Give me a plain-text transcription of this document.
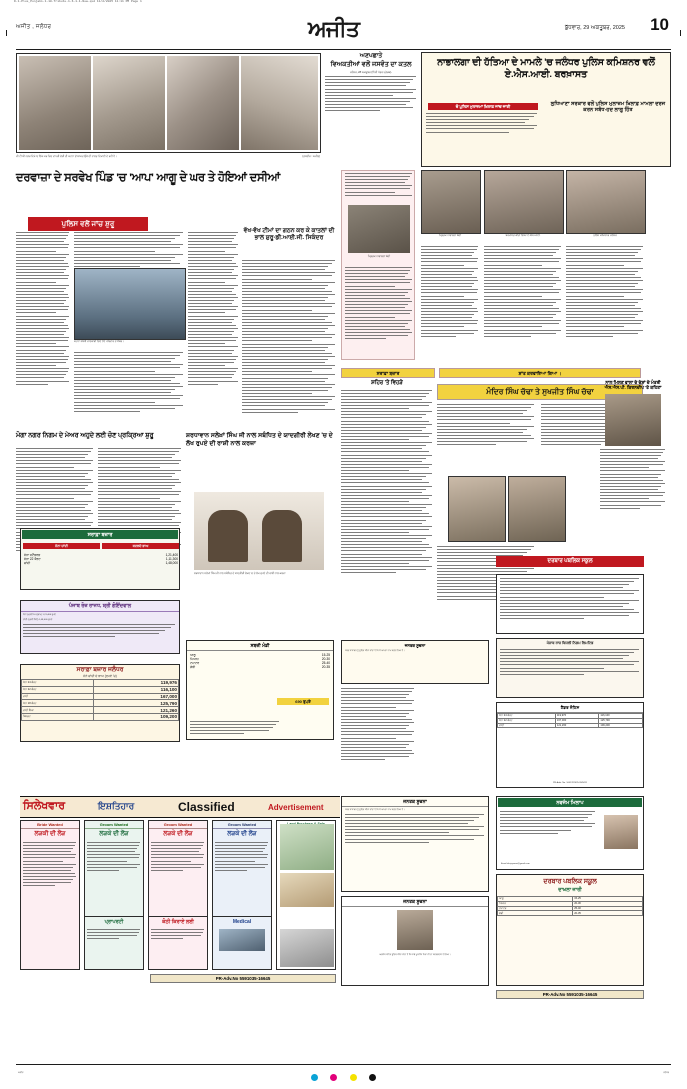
D-1-Plus_Punjabi-1-10-Tribute-1-6-1-1-New.qxd 11/2/2025 11:11 PM Page 1
ਅਜੀਤ , ਜਲੰਧਰ	ਅਜੀਤ	ਬੁੱਧਵਾਰ, 29 ਅਕਤੂਬਰ, 2025 10
ਜੀ ਟੀ ਬੀ ਨਗਰ ਵਿਖੇ 'ਚ ਇੱਕ ਘਰ ਵਿਚ ਵਾਪਰੀ ਚੋਰੀ ਦੀ ਘਟਨਾ ਤੋਂ ਬਾਅਦ ਉਥੇ ਦੀ ਹਾਲਤ ਦਿਖਾਈ ਦੇ ਰਹੀ ਹੈ।	(ਤਸਵੀਰ : ਅਜੀਤ)
ਅਣਪਛਾਤੇ
ਵਿਅਕਤੀਆਂ ਵਲੋਂ ਜਸਵੰਤ ਦਾ ਕਤਲ
ਜਲੰਧਰ, 28 ਅਕਤੂਬਰ (ਨਿੱਜੀ ਪੱਤਰ ਪ੍ਰੇਰਕ)-
ਨਾਭਾਲਗਾ ਦੀ ਹੱਤਿਆ ਦੇ ਮਾਮਲੇ 'ਚ ਜਲੰਧਰ ਪੁਲਿਸ ਕਮਿਸ਼ਨਰ ਵਲੋਂ ਏ.ਐਸ.ਆਈ. ਬਰਖ਼ਾਸਤ
ਦੋ ਪੁਲਿਸ ਮੁਲਾਜ਼ਮਾਂ ਖ਼ਿਲਾਫ਼ ਜਾਂਚ ਜਾਰੀ	ਲੁਧਿਆਣਾ ਸਰਕਾਰ ਵਲੋਂ ਪੁਲਿਸ ਮੁਲਾਜ਼ਮ ਖ਼ਿਲਾਫ਼ ਮਾਮਲਾ ਦਰਜ ਕਰਨ ਸਬੰਧ-ਹਦ ਲਾਗੂ ਹਿੱਤ
ਦਰਵਾਜ਼ਾ ਦੇ ਸਰਵੇਖ ਪਿੰਡ 'ਚ 'ਆਪ' ਆਗੂ ਦੇ ਘਰ ਤੇ ਹੋਇਆਂ ਦਸੀਆਂ
ਪੁਲਿਸ ਵਲੋਂ ਜਾਂਚ ਸ਼ੁਰੂ
ਘਟਨਾ ਸਬੰਧੀ ਜਾਣਕਾਰੀ ਦਿੰਦੇ ਹੋਏ ਪਰਿਵਾਰ ਦੇ ਮੈਂਬਰ।
ਵੱਖ-ਵੱਖ ਟੀਮਾਂ ਦਾ ਗਠਨ ਕਰ ਕੇ ਕਾਤਲਾਂ ਦੀ ਭਾਲ ਸ਼ੁਰੂ-ਡੀ.ਆਈ.ਜੀ. ਸਿਕੰਦਰ
ਮ੍ਰਿਤਕ ਨਾਭਾਲਗਾ ਬੱਚੀ
ਮ੍ਰਿਤਕ ਨਾਭਾਲਗਾ ਬੱਚੀ	ਬਰਖ਼ਾਸਤ ਕੀਤਾ ਗਿਆ ਏ.ਐਸ.ਆਈ.	ਪੁਲਿਸ ਕਮਿਸ਼ਨਰ ਜਲੰਧਰ
ਸਰਾਫ਼ਾ ਬਜ਼ਾਰ	ਸ਼ਾਂਤ ਕਰਵਾਇਆ ਗਿਆ ।
ਮੋਗਾ ਨਗਰ ਨਿਗਮ ਦੇ ਮੇਅਰ ਅਹੁਦੇ ਲਈ ਚੋਣ ਪ੍ਰਕ੍ਰਿਆ ਸ਼ੁਰੂ	ਸ਼ਰਧਾਵਾਨ ਸਲੇਖ਼ਾਂ ਸਿੰਘ ਜੀ ਨਾਲ ਸਬੰਧਿਤ ਦੇ ਯਾਦਗੀਰੀ ਲੇਖਣ 'ਚ ਦੇ ਲੱਖ ਰੁਪਏ ਦੀ ਰਾਸ਼ੀ ਨਾਲ ਕਰਜ਼ਾ
ਸ਼ਰਧਾਵਾਨ ਸਲੇਖ਼ਾਂ ਸਿੰਘ ਜੀ ਨਾਲ ਸਬੰਧਿਤ ਦੇ ਯਾਦਗੀਰੀ ਲੇਖਣ 'ਚ ਦੇ ਲੱਖ ਰੁਪਏ ਦੀ ਰਾਸ਼ੀ ਨਾਲ ਕਰਜ਼ਾ
ਸਰਾਫ਼ਾ ਬਜ਼ਾਰ
ਸੋਨਾ ਚਾਂਦੀ	ਬਦਲਦੇ ਭਾਅ
ਸੋਨਾ ਸਟੈਂਡਰਡ	1,21,400
ਸੋਨਾ 22 ਕੈਰਟ	1,11,300
ਚਾਂਦੀ	1,48,000
ਪੰਜਾਬ ਰੋਜ਼ ਰਾਜਧ, ਸ਼੍ਰੀ ਗੋਇੰਦਵਾਲ
ਸੋਨਾ (ਪ੍ਰਤੀ 10 ਗ੍ਰਾਮ) 1,21,400 ਰੁਪਏ
ਚਾਂਦੀ (ਪ੍ਰਤੀ ਕਿਲੋ) 1,48,000 ਰੁਪਏ
ਸਰਾਫ਼ਾ ਬਜ਼ਾਰ ਜਲੰਧਰ
ਸੋਨੇ ਚਾਂਦੀ ਦੇ ਭਾਅ (ਰੁਪਏ 'ਚ)
ਸੋਨਾ 24 ਕੈਰਟ	119,976
ਸੋਨਾ 22 ਕੈਰਟ	116,100
ਚਾਂਦੀ	167,000
ਸੋਨਾ 18 ਕੈਰਟ	125,790
ਚਾਂਦੀ ਸਿੱਕਾ	121,260
ਬਿਸਕੁਟ	109,200
ਸਬਜ਼ੀ ਮੰਡੀ
ਆਲੂ	15-25
ਪਿਆਜ਼	20-30
ਟਮਾਟਰ	25-40
ਗੋਭੀ	20-35
690 ਰੁਪਏ
ਸ਼ਹਿਰ 'ਤੇ ਵਿਹੜੇ
ਮੰਦਿਰ ਸਿੰਘ ਚੱਢਾ ਤੇ ਸੁਖਜੀਤ ਸਿੰਘ ਚੱਢਾ
ਨਾਲ ਮਿਲਣ ਵਾਲਾ ਦੇ ਦੇਸ਼ਾਂ ਦੇ ਮੰਤਰੀ ਐਸ.ਐਸ.ਪੀ. ਕਿਰਨਦੀਪ 'ਤੇ ਕਹਿਣਾ
ਦਰਬਾਰ ਪਬਲਿਕ ਸਕੂਲ
ਪੰਜਾਬ ਰਾਜ ਬਿਜਲੀ ਨਿਗਮ ਲਿਮਟਿਡ
ਟੈਂਡਰ ਨੋਟਿਸ
ਸੋਨਾ 24 ਕੈਰਟ	119,976	116,100
ਸੋਨਾ 22 ਕੈਰਟ	167,000	125,790
ਚਾਂਦੀ	121,260	109,200
PR-Advt. No. 1061/2/2025-26/8411
ਜਨਤਕ ਸੂਚਨਾ
ਸਰਵ ਸਾਧਾਰਣ ਨੂੰ ਸੂਚਿਤ ਕੀਤਾ ਜਾਂਦਾ ਹੈ ਕਿ ਮੈਂ ਆਪਣਾ ਨਾਮ ਬਦਲ ਲਿਆ ਹੈ।
ਸਿਲੇਖਵਾਰ	ਇਸ਼ਤਿਹਾਰ	Classified	Advertisement
Bride Wanted
ਲੜਕੀ ਦੀ ਲੋੜ
Groom Wanted
ਲੜਕੇ ਦੀ ਲੋੜ
Groom Wanted
ਲੜਕੇ ਦੀ ਲੋੜ
Groom Wanted
ਲੜਕੇ ਦੀ ਲੋੜ
ਪ੍ਰਾਪਰਟੀ	ਕੋਠੀ ਕਿਰਾਏ ਲਈ	Medical
ਜਨਤਕ ਸੂਚਨਾ
ਸਰਵ ਸਾਧਾਰਣ ਨੂੰ ਸੂਚਿਤ ਕੀਤਾ ਜਾਂਦਾ ਹੈ ਕਿ ਮੈਂ ਆਪਣਾ ਨਾਮ ਬਦਲ ਲਿਆ ਹੈ।
ਜਨਤਕ ਸੂਚਨਾ
ਅਫ਼ਸੋਸ ਸਹਿਤ ਸੂਚਿਤ ਕੀਤਾ ਜਾਂਦਾ ਹੈ ਕਿ ਸਾਡੇ ਪੂਜਨੀਕ ਪਿਤਾ ਜੀ ਦਾ ਸਵਰਗਵਾਸ ਹੋ ਗਿਆ।
ਨਵਜੰਮ ਮਿਲਾਪ
Email id-ajcpwan@gmail.com
ਦਰਬਾਰ ਪਬਲਿਕ ਸਕੂਲ
ਦਾਖ਼ਲਾ ਜਾਰੀ
ਆਲੂ	15-25
ਪਿਆਜ਼	20-30
ਟਮਾਟਰ	25-40
ਗੋਭੀ	20-35
PR-Adv.No 5591035-16645
PR-Adv.No 5591035-16645

ਅਜੀਤ	ਜਲੰਧਰ
